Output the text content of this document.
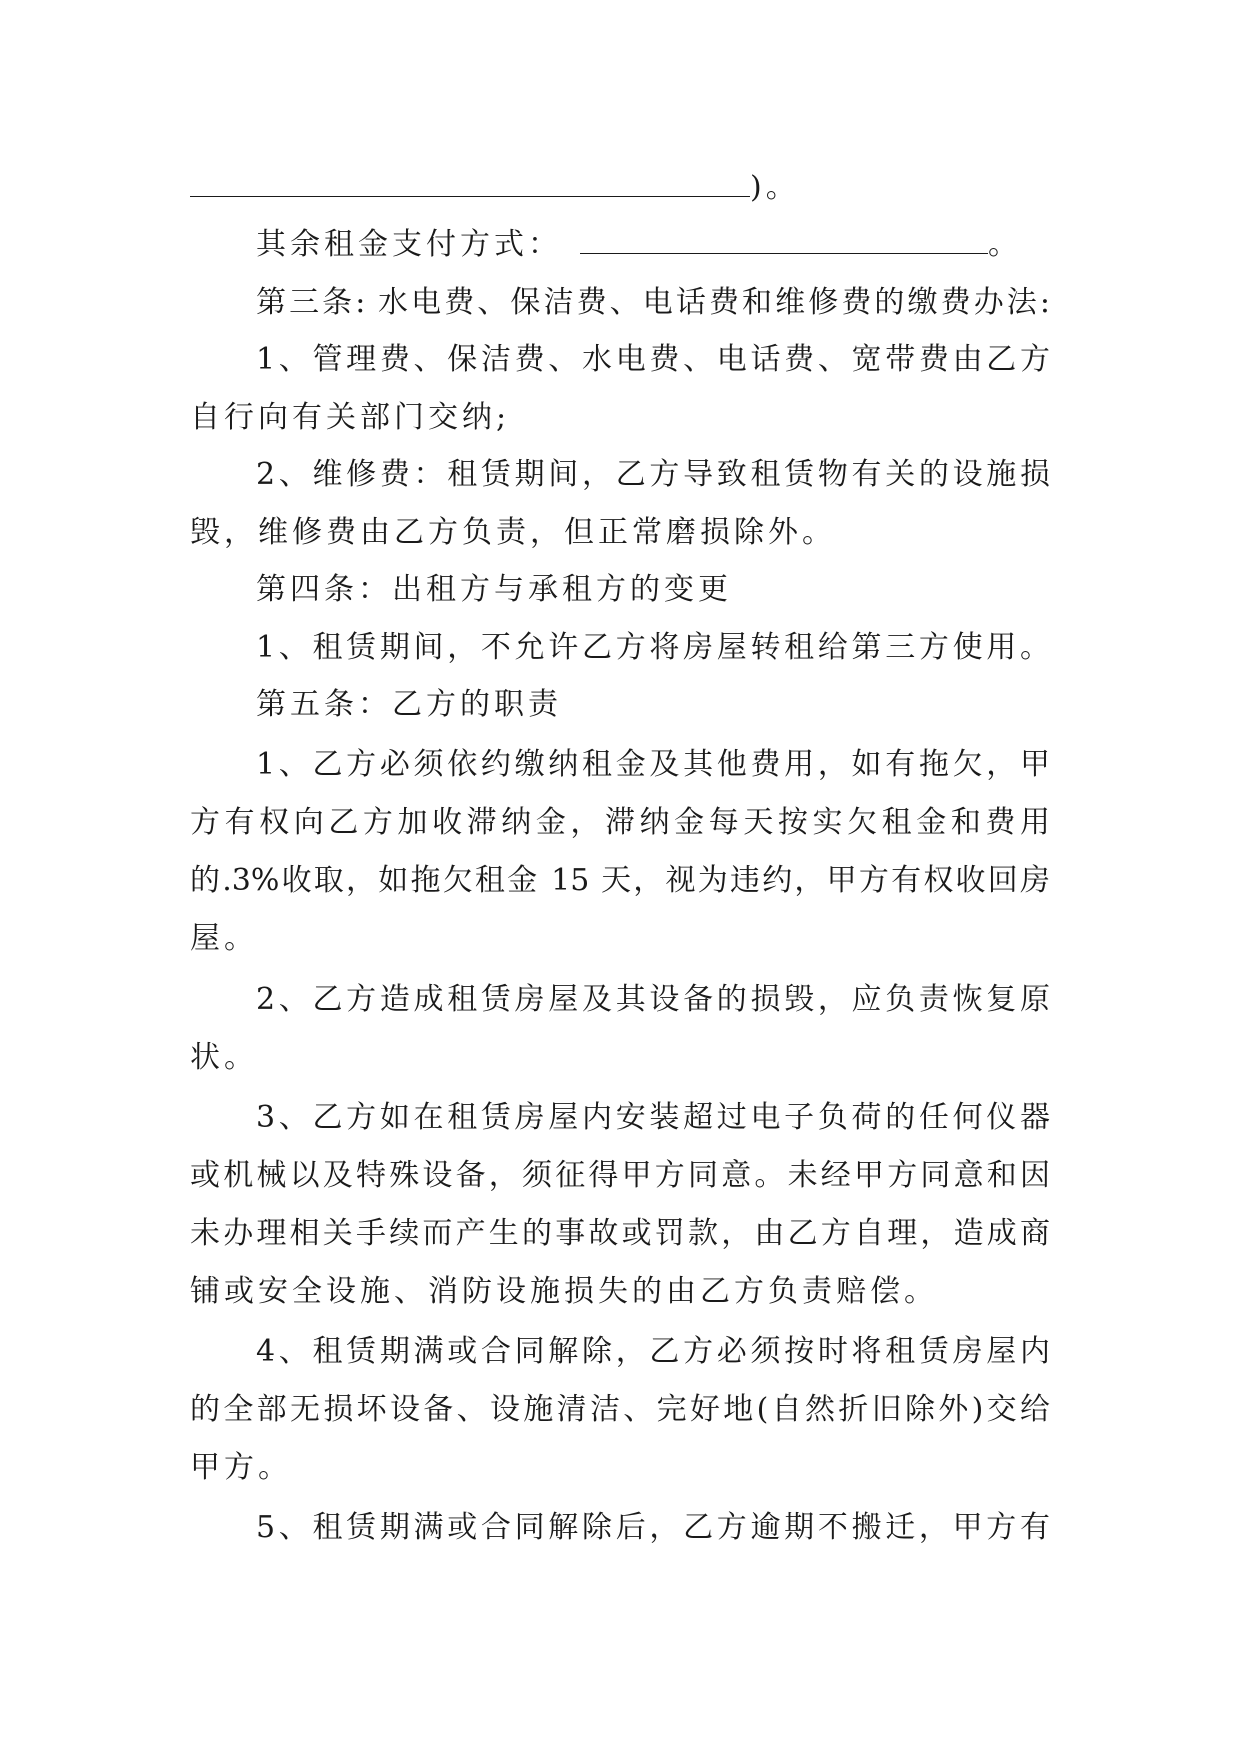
)。
其余租金支付方式：	。
第三条: 水电费、保洁费、电话费和维修费的缴费办法:
1、管理费、保洁费、水电费、电话费、宽带费由乙方
自行向有关部门交纳;
2、维修费：租赁期间，乙方导致租赁物有关的设施损
毁，维修费由乙方负责，但正常磨损除外。
第四条：出租方与承租方的变更
1、租赁期间，不允许乙方将房屋转租给第三方使用。
第五条：乙方的职责
1、乙方必须依约缴纳租金及其他费用，如有拖欠，甲
方有权向乙方加收滞纳金，滞纳金每天按实欠租金和费用
的.3%收取，如拖欠租金 15 天，视为违约，甲方有权收回房
屋。
2、乙方造成租赁房屋及其设备的损毁，应负责恢复原
状。
3、乙方如在租赁房屋内安装超过电子负荷的任何仪器
或机械以及特殊设备，须征得甲方同意。未经甲方同意和因
未办理相关手续而产生的事故或罚款，由乙方自理，造成商
铺或安全设施、消防设施损失的由乙方负责赔偿。
4、租赁期满或合同解除，乙方必须按时将租赁房屋内
的全部无损坏设备、设施清洁、完好地(自然折旧除外)交给
甲方。
5、租赁期满或合同解除后，乙方逾期不搬迁，甲方有
